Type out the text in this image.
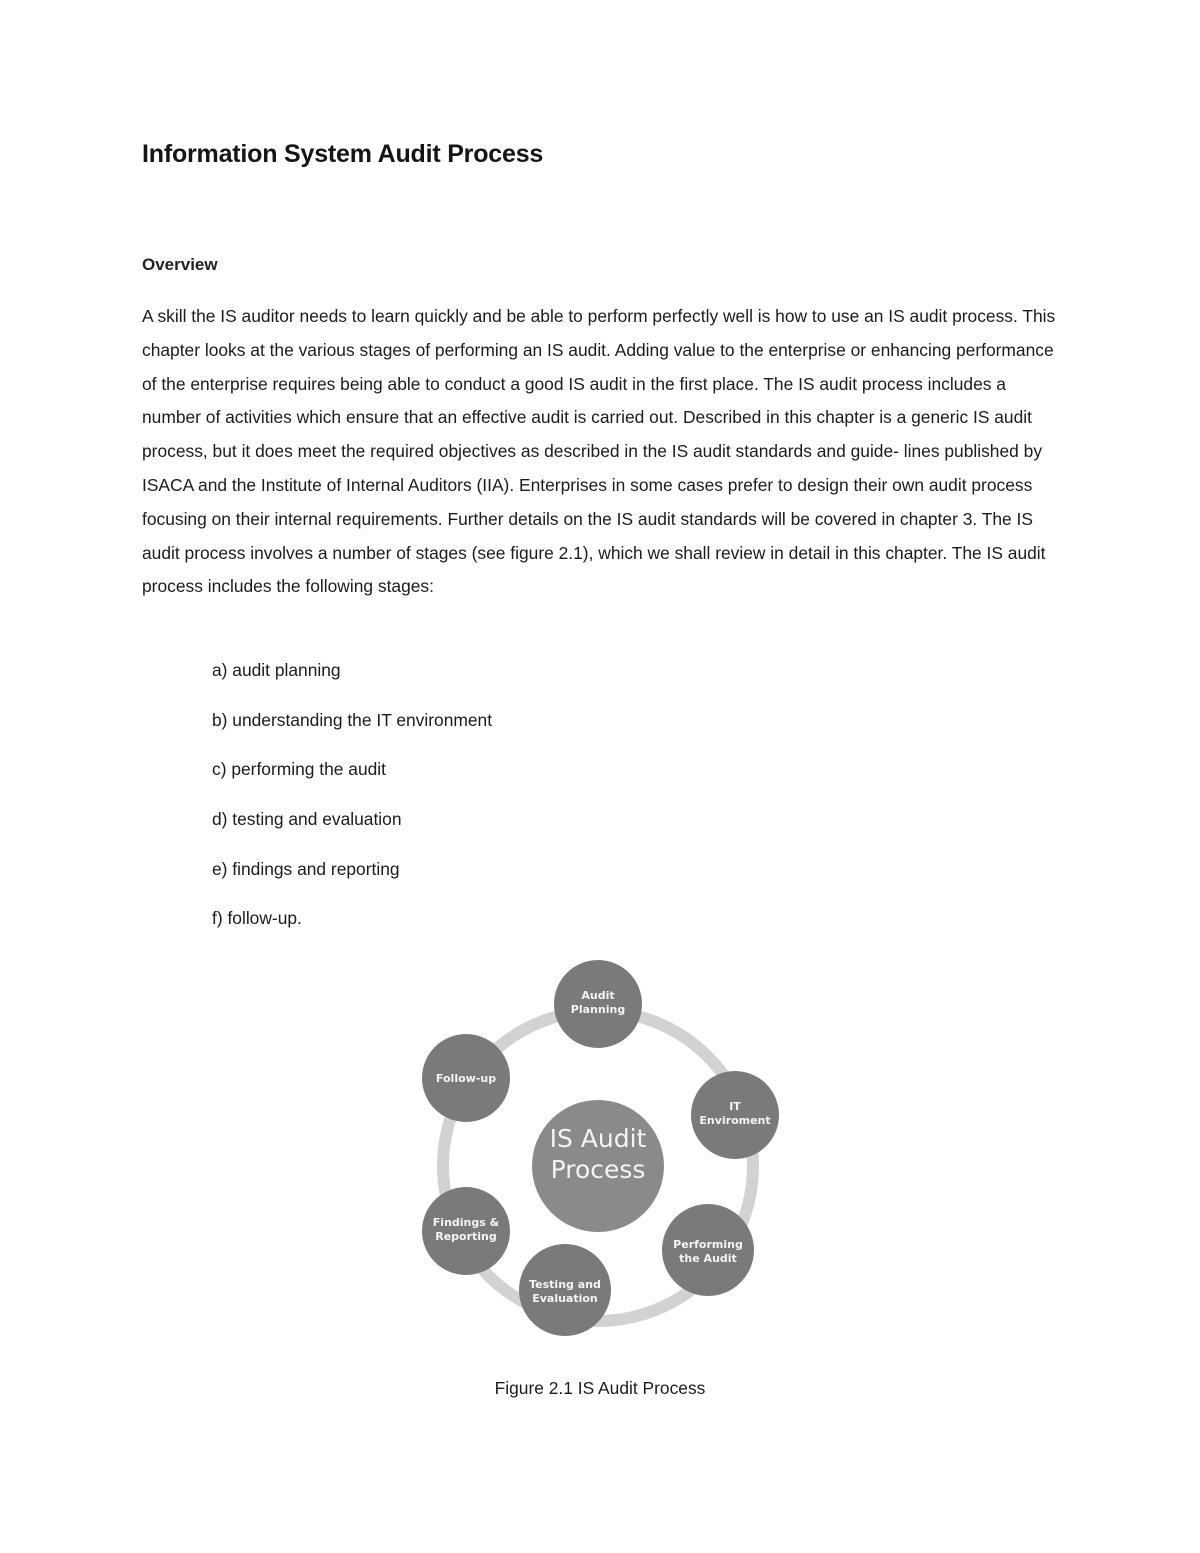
Information System Audit Process
Overview

A skill the IS auditor needs to learn quickly and be able to perform perfectly well is how to use an IS audit process. This chapter looks at the various stages of performing an IS audit. Adding value to the enterprise or enhancing performance of the enterprise requires being able to conduct a good IS audit in the first place. The IS audit process includes a number of activities which ensure that an effective audit is carried out. Described in this chapter is a generic IS audit process, but it does meet the required objectives as described in the IS audit standards and guide- lines published by ISACA and the Institute of Internal Auditors (IIA). Enterprises in some cases prefer to design their own audit process focusing on their internal requirements. Further details on the IS audit standards will be covered in chapter 3. The IS audit process involves a number of stages (see figure 2.1), which we shall review in detail in this chapter. The IS audit process includes the following stages:

a) audit planning
b) understanding the IT environment
c) performing the audit
d) testing and evaluation
e) findings and reporting
f) follow-up.
IS Audit
Process
Audit
Planning
IT
Enviroment
Performing
the Audit
Testing and
Evaluation
Findings &
Reporting
Follow-up

Figure 2.1 IS Audit Process
